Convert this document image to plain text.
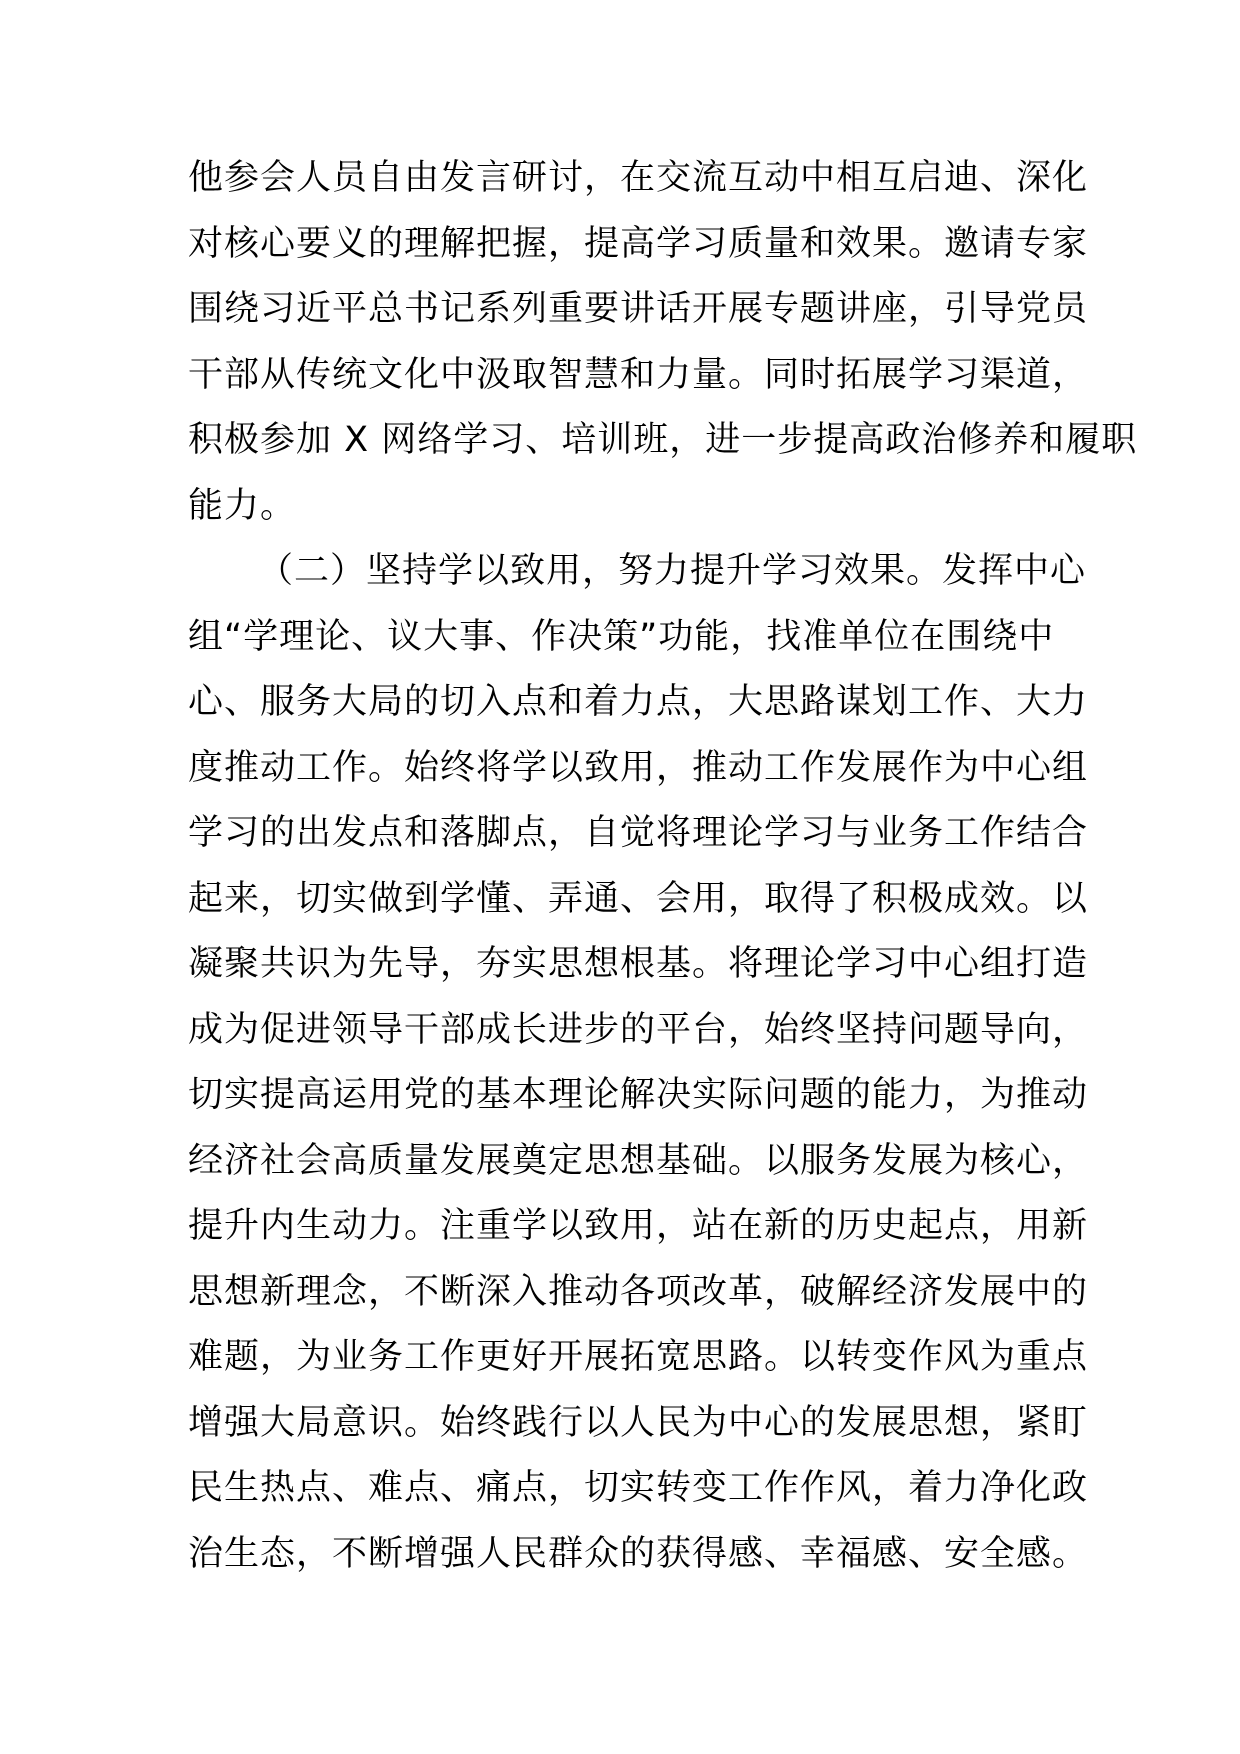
他参会人员自由发言研讨，在交流互动中相互启迪、深化
对核心要义的理解把握，提高学习质量和效果。邀请专家
围绕习近平总书记系列重要讲话开展专题讲座，引导党员
干部从传统文化中汲取智慧和力量。同时拓展学习渠道，
积极参加 X 网络学习、培训班，进一步提高政治修养和履职
能力。
（二）坚持学以致用，努力提升学习效果。发挥中心
组“学理论、议大事、作决策”功能，找准单位在围绕中
心、服务大局的切入点和着力点，大思路谋划工作、大力
度推动工作。始终将学以致用，推动工作发展作为中心组
学习的出发点和落脚点，自觉将理论学习与业务工作结合
起来，切实做到学懂、弄通、会用，取得了积极成效。以
凝聚共识为先导，夯实思想根基。将理论学习中心组打造
成为促进领导干部成长进步的平台，始终坚持问题导向，
切实提高运用党的基本理论解决实际问题的能力，为推动
经济社会高质量发展奠定思想基础。以服务发展为核心，
提升内生动力。注重学以致用，站在新的历史起点，用新
思想新理念，不断深入推动各项改革，破解经济发展中的
难题，为业务工作更好开展拓宽思路。以转变作风为重点
增强大局意识。始终践行以人民为中心的发展思想，紧盯
民生热点、难点、痛点，切实转变工作作风，着力净化政
治生态，不断增强人民群众的获得感、幸福感、安全感。
